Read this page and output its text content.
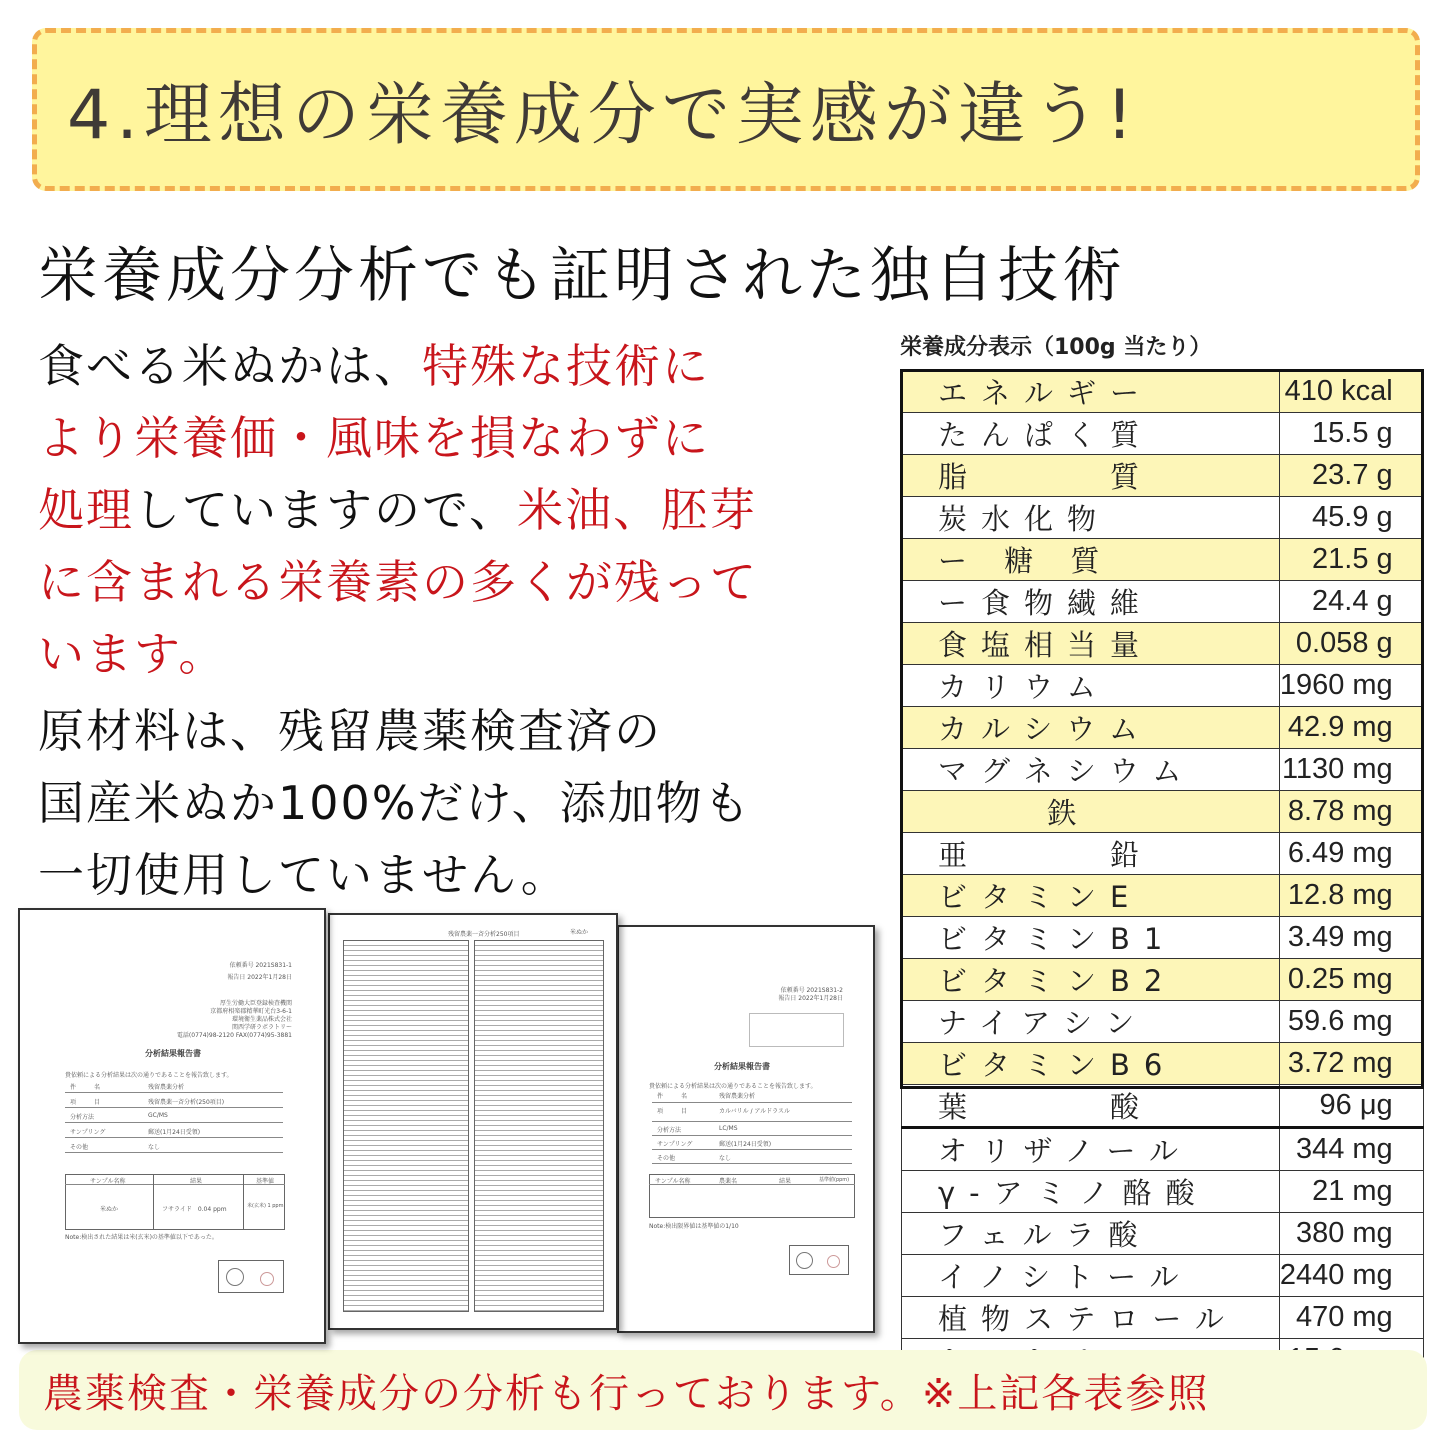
4.理想の栄養成分で実感が違う!
栄養成分分析でも証明された独自技術
食べる米ぬかは、特殊な技術に
より栄養価・風味を損なわずに
処理していますので、米油、胚芽
に含まれる栄養素の多くが残って
います。
原材料は、残留農薬検査済の
国産米ぬか100%だけ、添加物も
一切使用していません。
栄養成分表示（100g 当たり）
エネルギー	410 kcal
たんぱく質	15.5 g
脂　　　質	23.7 g
炭水化物	45.9 g
ー 糖 質	21.5 g
ー食物繊維	24.4 g
食塩相当量	0.058 g
カリウム	1960 mg
カルシウム	42.9 mg
マグネシウム	1130 mg
　　 鉄	8.78 mg
亜　　　鉛	6.49 mg
ビタミンE	12.8 mg
ビタミンB1	3.49 mg
ビタミンB2	0.25 mg
ナイアシン	59.6 mg
ビタミンB6	3.72 mg
葉　　　酸	96 μg
オリザノール	344 mg
γ-アミノ酪酸	21 mg
フェルラ酸	380 mg
イノシトール	2440 mg
植物ステロール	470 mg

依頼番号 2021S831-1
報告日 2022年1月28日
厚生労働大臣登録検査機関
京都府相楽郡精華町光台3-6-1
環境衛生薬品株式会社
関西学研ラボラトリー
電話(0774)98-2120 FAX(0774)95-3881
分析結果報告書
貴依頼による分析結果は次の通りであることを報告致します。
件　　　名	残留農薬分析
項　　　目	残留農薬一斉分析(250項目)
分析方法	GC/MS
サンプリング	郵送(1月24日受領)
その他	なし
サンプル名称	結果	基準値
米ぬか	フサライド　0.04 ppm	米(玄米) 1 ppm
Note:検出された結果は米(玄米)の基準値以下であった。
残留農薬一斉分析250項目	米ぬか
依頼番号 2021S831-2
報告日 2022年1月28日
分析結果報告書
貴依頼による分析結果は次の通りであることを報告致します。
件　　　名	残留農薬分析
項　　　目	カルバリル / アルドラスル
分析方法	LC/MS
サンプリング	郵送(1月24日受領)
その他	なし
サンプル名称	農薬名	結果	基準値(ppm)
Note:検出限界値は基準値の1/10
農薬検査・栄養成分の分析も行っております。※上記各表参照
